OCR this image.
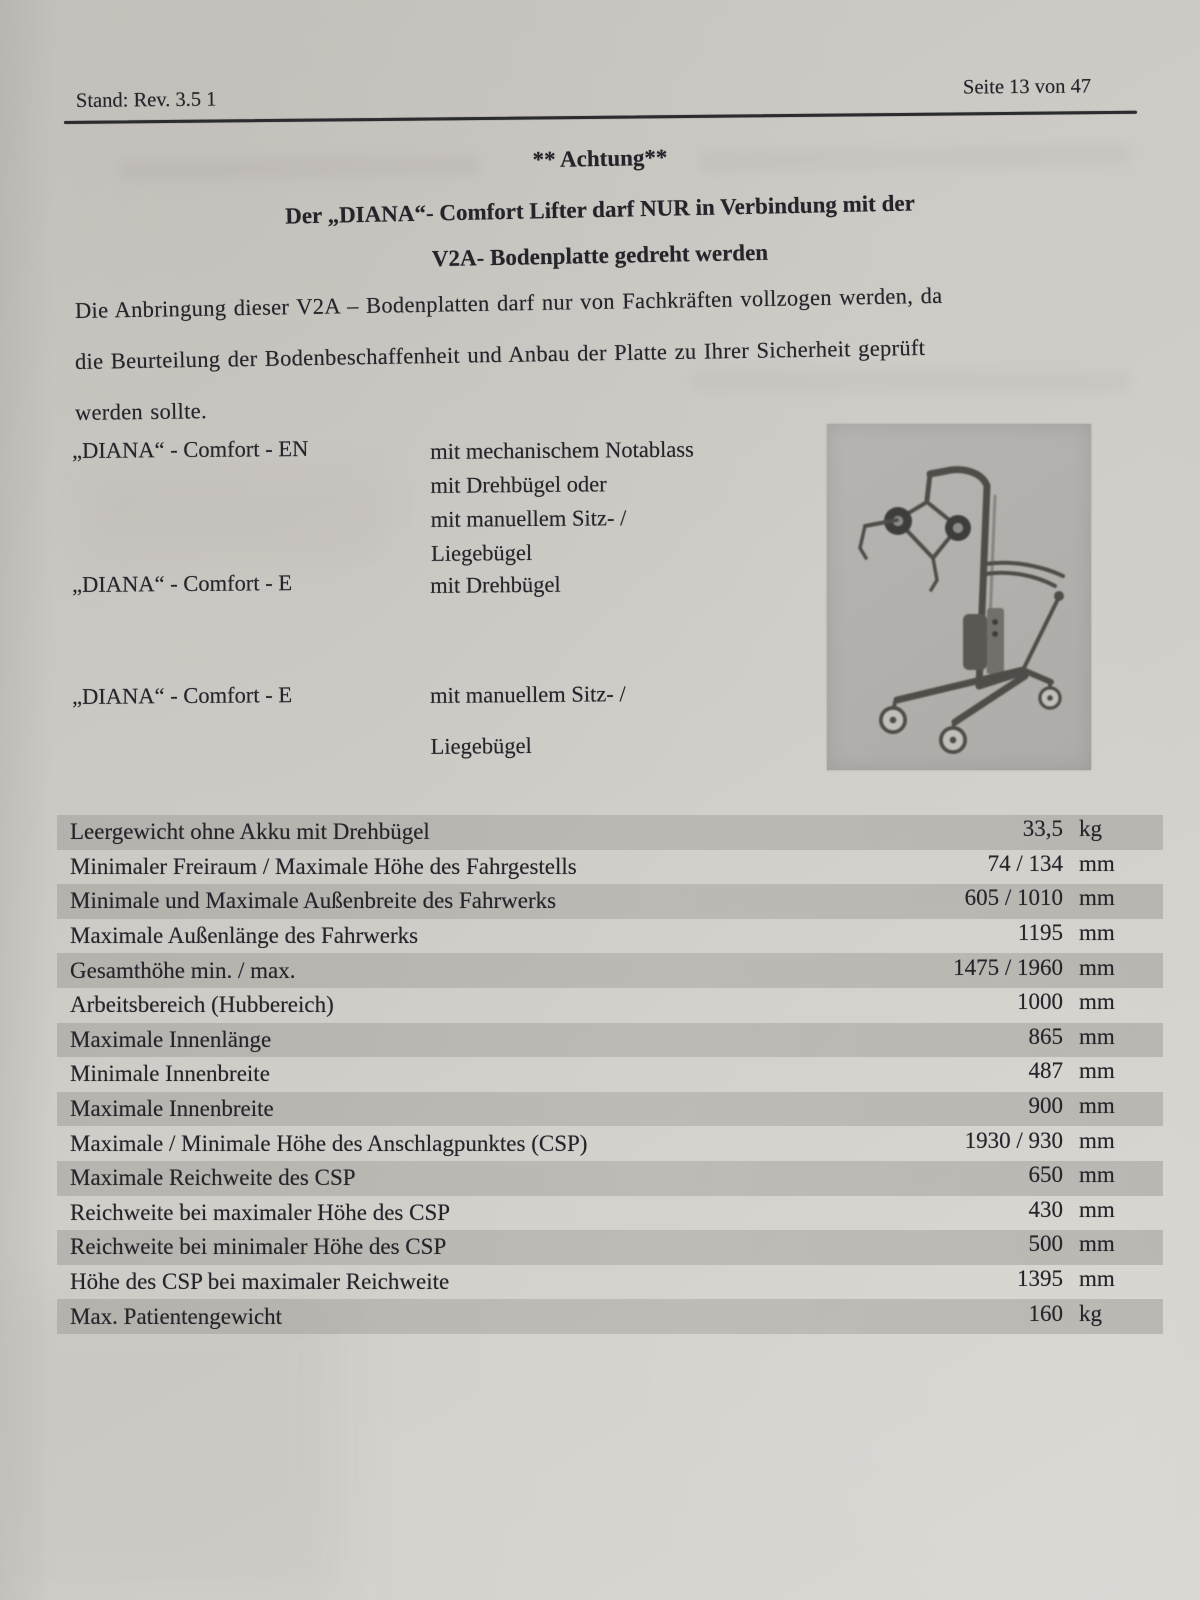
Stand: Rev. 3.5 1
Seite 13 von 47
** Achtung**
Der „DIANA“- Comfort Lifter darf NUR in Verbindung mit der
V2A- Bodenplatte gedreht werden
Die Anbringung dieser V2A – Bodenplatten darf nur von Fachkräften vollzogen werden, da
die Beurteilung der Bodenbeschaffenheit und Anbau der Platte zu Ihrer Sicherheit geprüft
werden sollte.
„DIANA“ - Comfort - EN	mit mechanischem Notablass
mit Drehbügel oder
mit manuellem Sitz- /
Liegebügel
„DIANA“ - Comfort - E	mit Drehbügel
„DIANA“ - Comfort - E	mit manuellem Sitz- /
Liegebügel
Leergewicht ohne Akku mit Drehbügel	33,5 kg
Minimaler Freiraum / Maximale Höhe des Fahrgestells	74 / 134 mm
Minimale und Maximale Außenbreite des Fahrwerks	605 / 1010 mm
Maximale Außenlänge des Fahrwerks	1195 mm
Gesamthöhe min. / max.	1475 / 1960 mm
Arbeitsbereich (Hubbereich)	1000 mm
Maximale Innenlänge	865 mm
Minimale Innenbreite	487 mm
Maximale Innenbreite	900 mm
Maximale / Minimale Höhe des Anschlagpunktes (CSP)	1930 / 930 mm
Maximale Reichweite des CSP	650 mm
Reichweite bei maximaler Höhe des CSP	430 mm
Reichweite bei minimaler Höhe des CSP	500 mm
Höhe des CSP bei maximaler Reichweite	1395 mm
Max. Patientengewicht	160 kg
